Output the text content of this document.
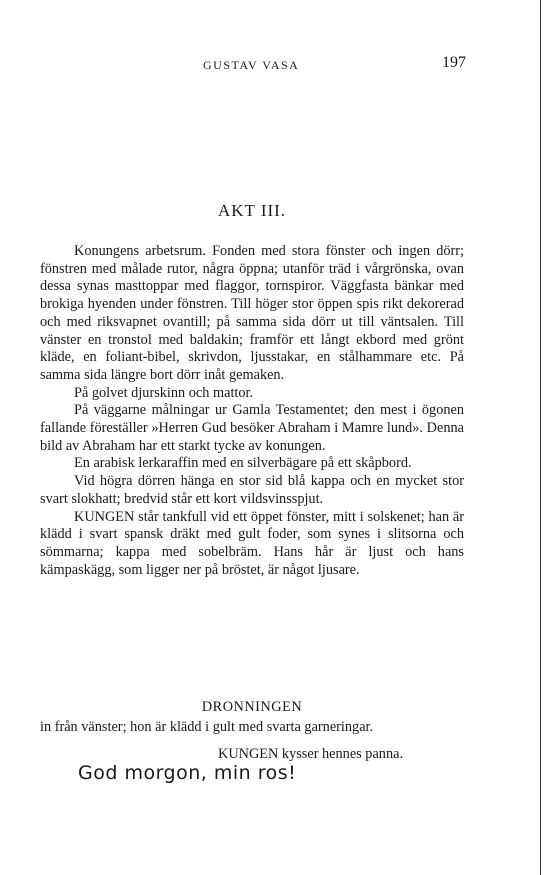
GUSTAV VASA	197
AKT III.

Konungens arbetsrum. Fonden med stora fönster och ingen dörr; fönstren med målade rutor, några öppna; utanför träd i vårgrönska, ovan dessa synas masttoppar med flaggor, tornspiror. Väggfasta bänkar med brokiga hyenden under fönstren. Till höger stor öppen spis rikt dekorerad och med riksvapnet ovantill; på samma sida dörr ut till väntsalen. Till vänster en tronstol med baldakin; framför ett långt ekbord med grönt kläde, en foliant-bibel, skrivdon, ljusstakar, en stålhammare etc. På samma sida längre bort dörr inåt gemaken.

På golvet djurskinn och mattor.

På väggarne målningar ur Gamla Testamentet; den mest i ögonen fallande föreställer »Herren Gud besöker Abraham i Mamre lund». Denna bild av Abraham har ett starkt tycke av konungen.

En arabisk lerkaraffin med en silverbägare på ett skåpbord.

Vid högra dörren hänga en stor sid blå kappa och en mycket stor svart slokhatt; bredvid står ett kort vildsvinsspjut.

KUNGEN står tankfull vid ett öppet fönster, mitt i solskenet; han är klädd i svart spansk dräkt med gult foder, som synes i slitsorna och sömmarna; kappa med sobelbräm. Hans hår är ljust och hans kämpaskägg, som ligger ner på bröstet, är något ljusare.

DRONNINGEN
in från vänster; hon är klädd i gult med svarta garneringar.
KUNGEN kysser hennes panna.
God morgon, min ros!
